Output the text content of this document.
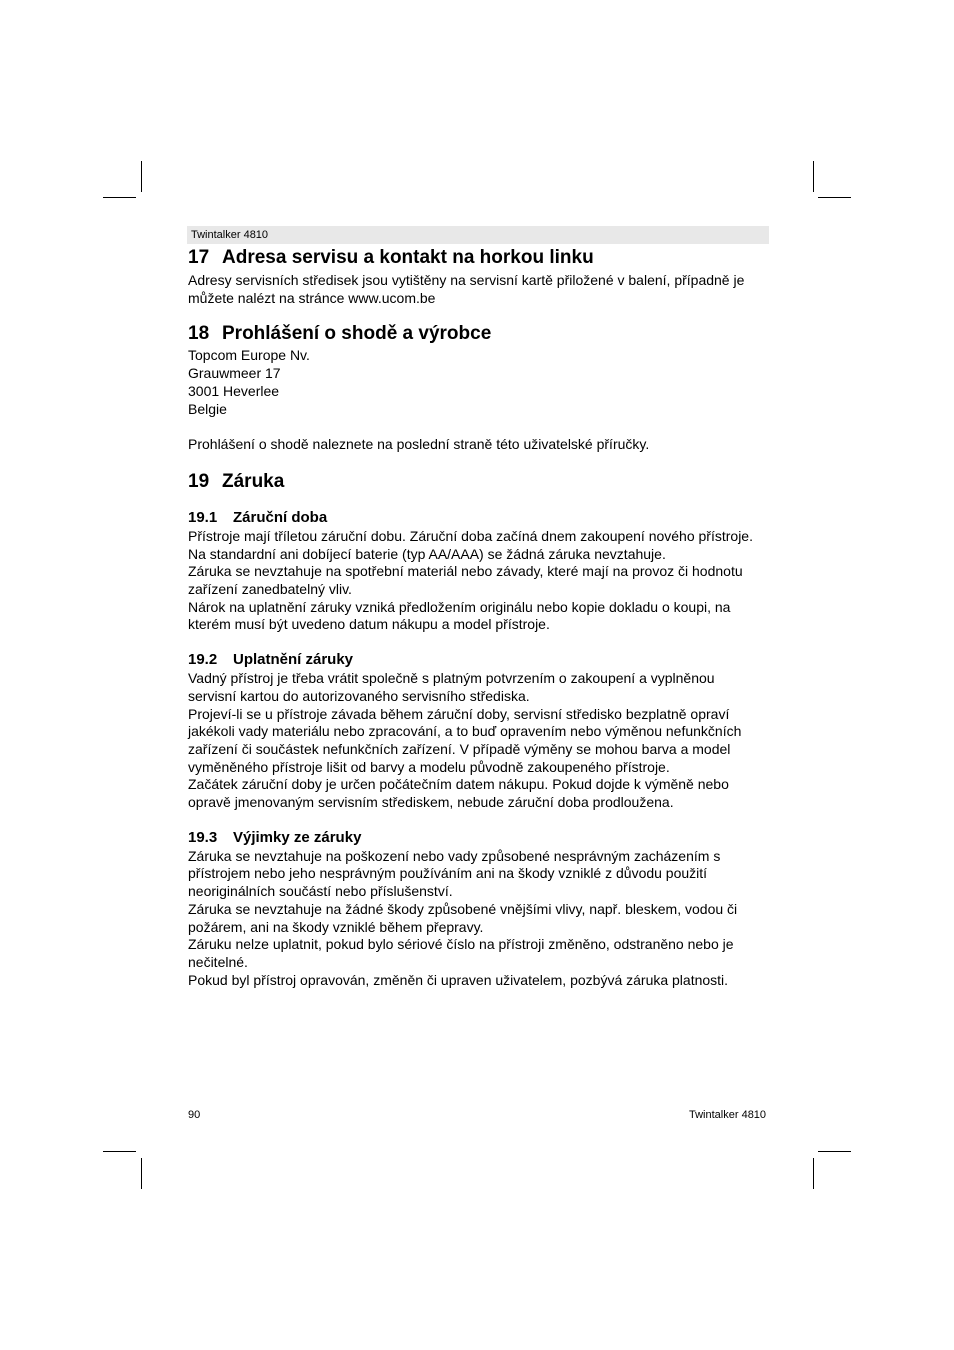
Twintalker 4810
17 Adresa servisu a kontakt na horkou linku

Adresy servisních středisek jsou vytištěny na servisní kartě přiložené v balení, případně je

můžete nalézt na stránce www.ucom.be

18 Prohlášení o shodě a výrobce

Topcom Europe Nv.

Grauwmeer 17

3001 Heverlee

Belgie

Prohlášení o shodě naleznete na poslední straně této uživatelské příručky.

19 Záruka
19.1	Záruční doba

Přístroje mají tříletou záruční dobu. Záruční doba začíná dnem zakoupení nového přístroje.

Na standardní ani dobíjecí baterie (typ AA/AAA) se žádná záruka nevztahuje.

Záruka se nevztahuje na spotřební materiál nebo závady, které mají na provoz či hodnotu

zařízení zanedbatelný vliv.

Nárok na uplatnění záruky vzniká předložením originálu nebo kopie dokladu o koupi, na

kterém musí být uvedeno datum nákupu a model přístroje.

19.2	Uplatnění záruky

Vadný přístroj je třeba vrátit společně s platným potvrzením o zakoupení a vyplněnou

servisní kartou do autorizovaného servisního střediska.

Projeví-li se u přístroje závada během záruční doby, servisní středisko bezplatně opraví

jakékoli vady materiálu nebo zpracování, a to buď opravením nebo výměnou nefunkčních

zařízení či součástek nefunkčních zařízení. V případě výměny se mohou barva a model

vyměněného přístroje lišit od barvy a modelu původně zakoupeného přístroje.

Začátek záruční doby je určen počátečním datem nákupu. Pokud dojde k výměně nebo

opravě jmenovaným servisním střediskem, nebude záruční doba prodloužena.

19.3	Výjimky ze záruky

Záruka se nevztahuje na poškození nebo vady způsobené nesprávným zacházením s

přístrojem nebo jeho nesprávným používáním ani na škody vzniklé z důvodu použití

neoriginálních součástí nebo příslušenství.

Záruka se nevztahuje na žádné škody způsobené vnějšími vlivy, např. bleskem, vodou či

požárem, ani na škody vzniklé během přepravy.

Záruku nelze uplatnit, pokud bylo sériové číslo na přístroji změněno, odstraněno nebo je

nečitelné.

Pokud byl přístroj opravován, změněn či upraven uživatelem, pozbývá záruka platnosti.

90	Twintalker 4810
